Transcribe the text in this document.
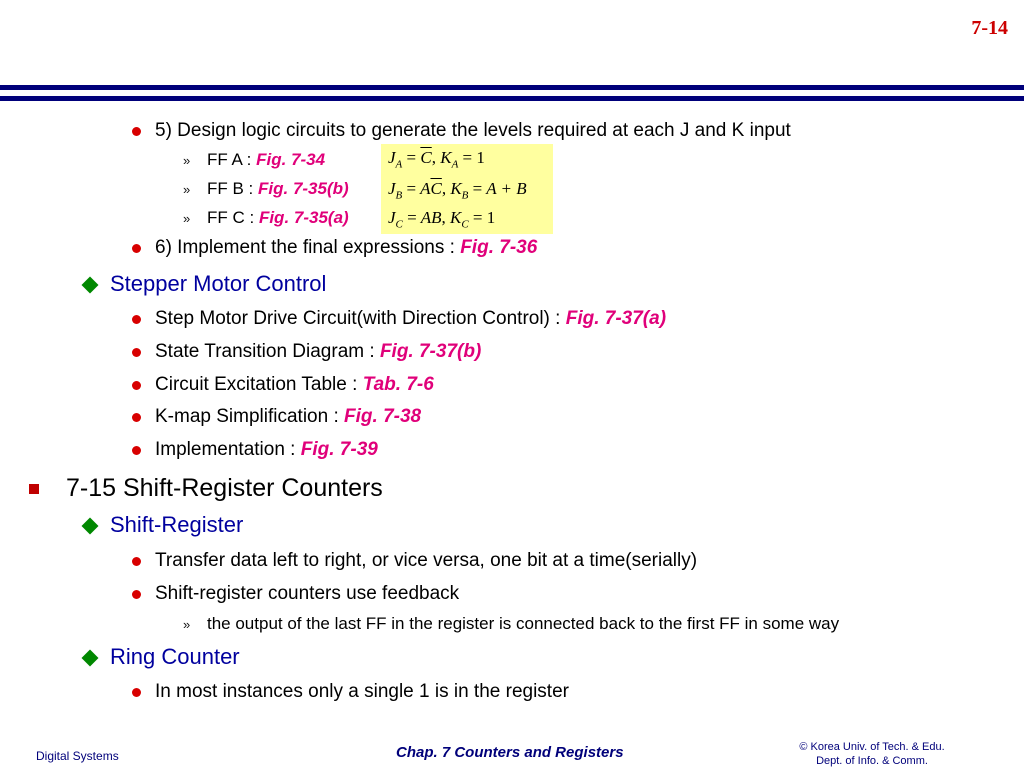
7-14
5) Design logic circuits to generate the levels required at each J and K input
» FF A : Fig. 7-34
» FF B : Fig. 7-35(b)
» FF C : Fig. 7-35(a)
$J_A = \overline{C}$, $K_A = 1$
$J_B = A\overline{C}$, $K_B = A + B$
$J_C$ = AB, $K_C = 1$
6) Implement the final expressions : Fig. 7-36
Stepper Motor Control
Step Motor Drive Circuit(with Direction Control) : Fig. 7-37(a)
State Transition Diagram : Fig. 7-37(b)
Circuit Excitation Table : Tab. 7-6
K-map Simplification : Fig. 7-38
Implementation : Fig. 7-39
7-15 Shift-Register Counters
Shift-Register
Transfer data left to right, or vice versa, one bit at a time(serially)
Shift-register counters use feedback
» the output of the last FF in the register is connected back to the first FF in some way
Ring Counter
In most instances only a single 1 is in the register
Digital Systems	Chap. 7 Counters and Registers	© Korea Univ. of Tech. & Edu.
Dept. of Info. & Comm.
